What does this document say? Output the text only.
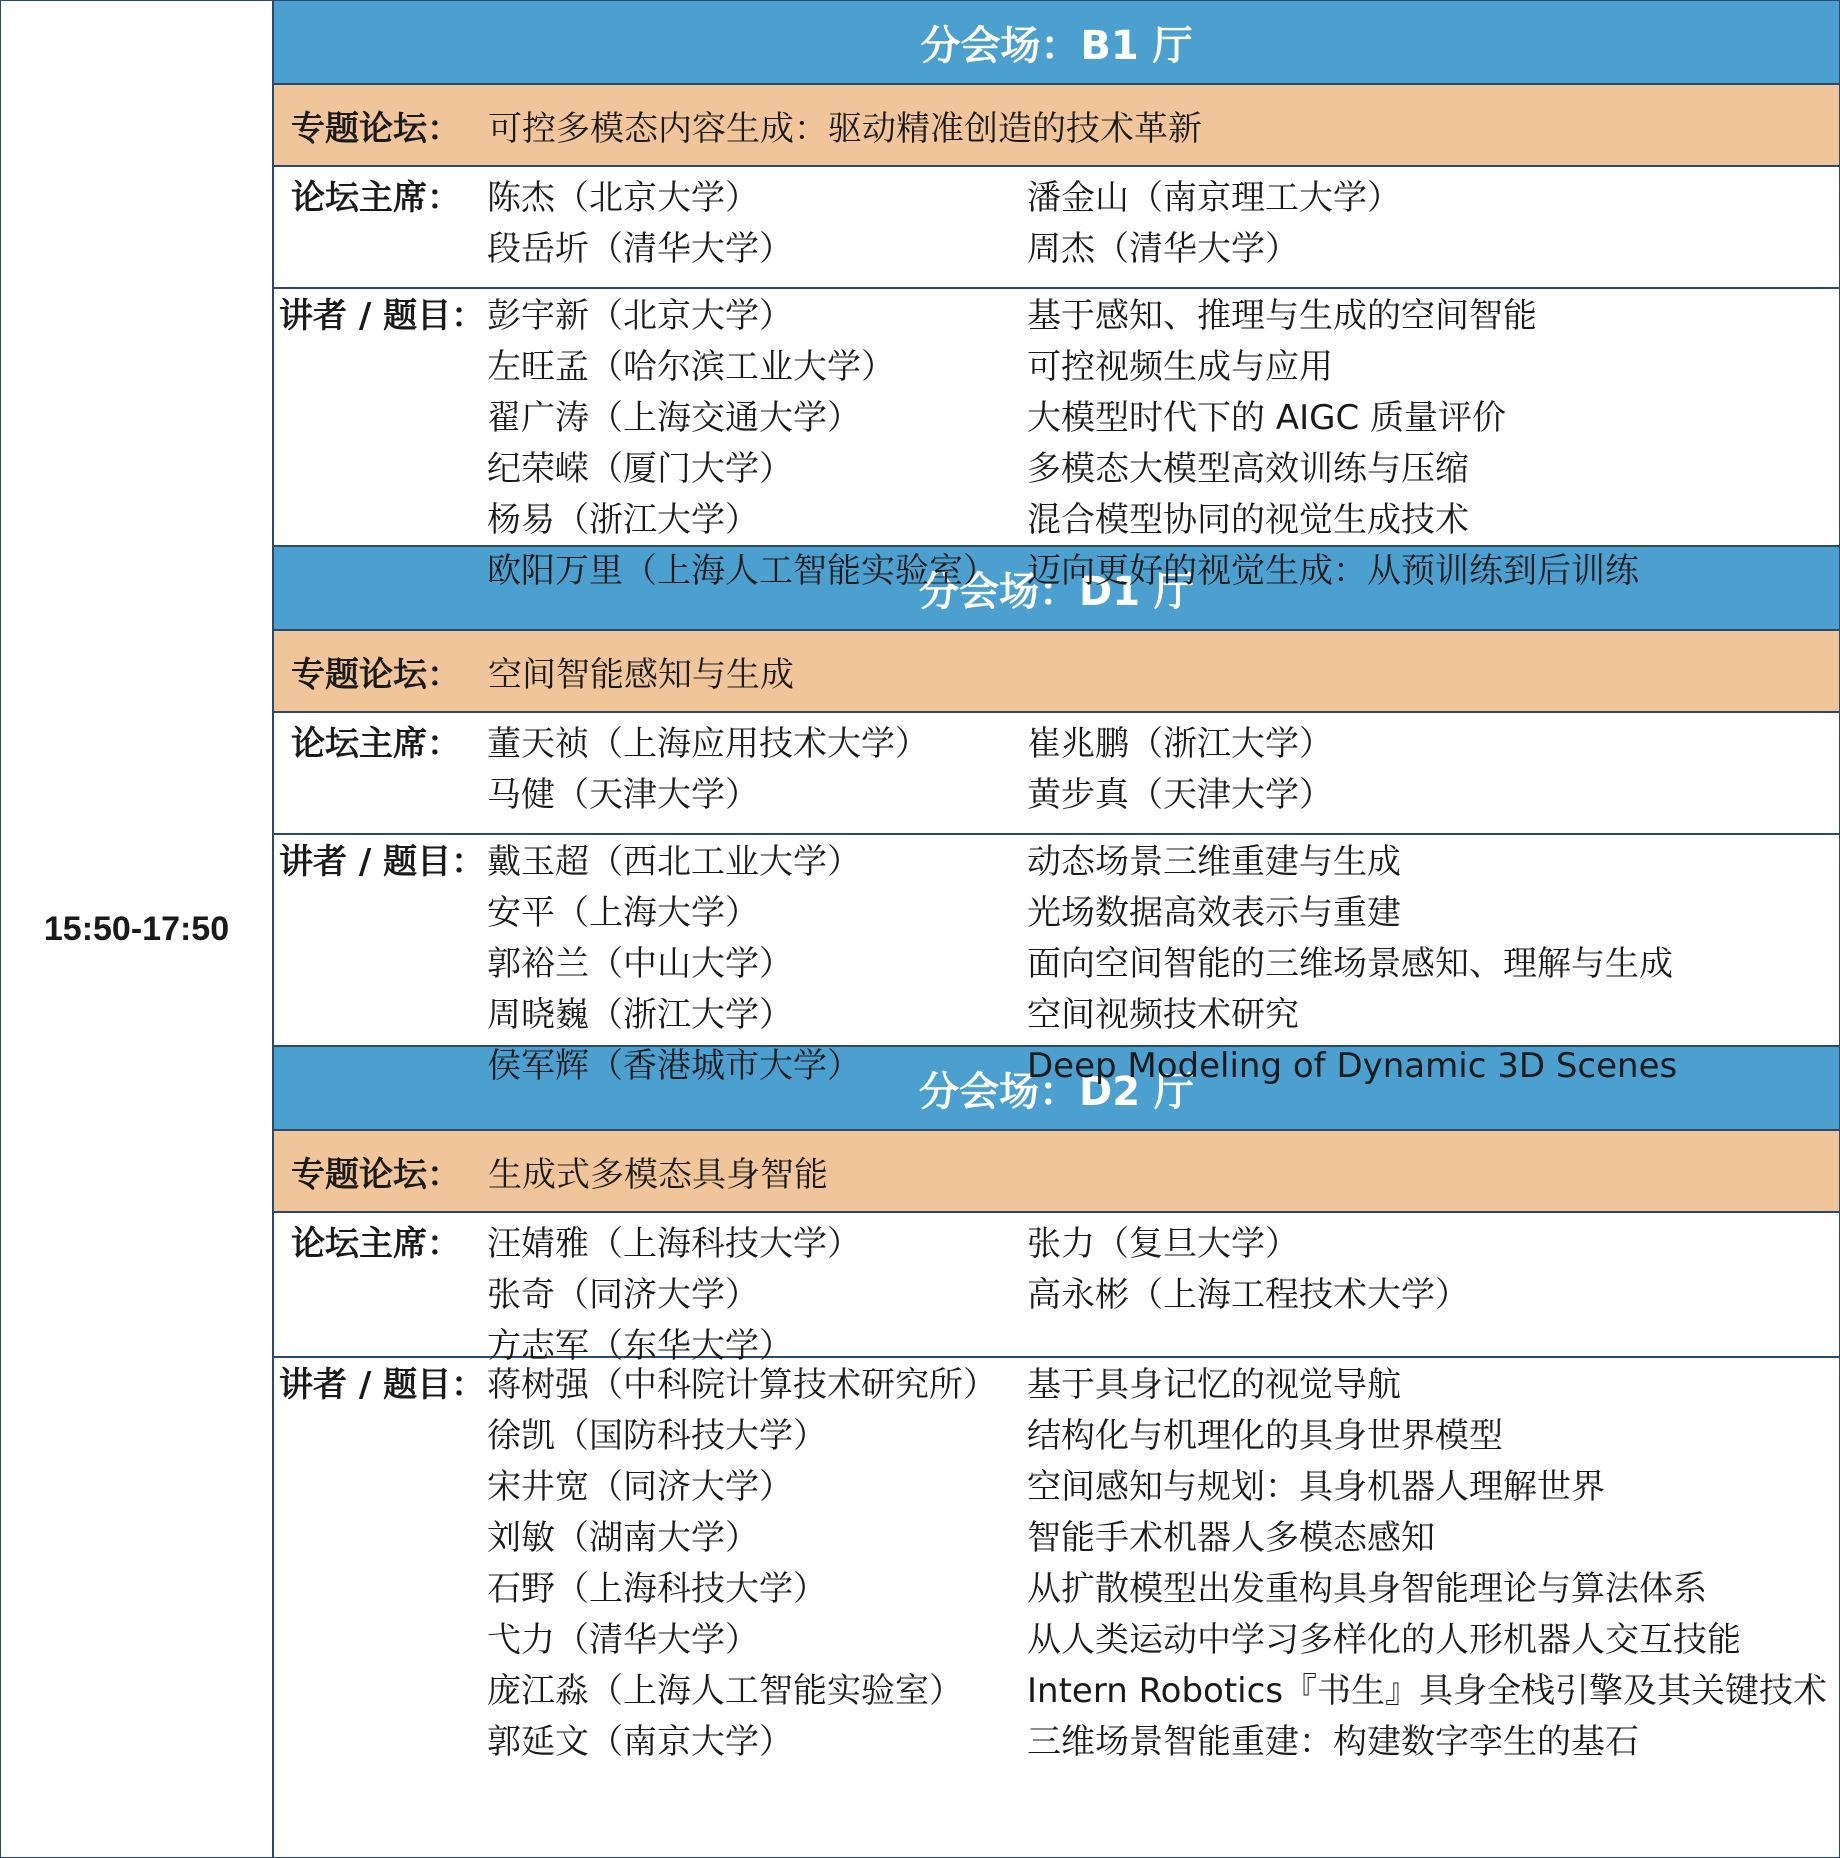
15:50-17:50
分会场：B1 厅
专题论坛： 可控多模态内容生成：驱动精准创造的技术革新
论坛主席： 陈杰（北京大学）	潘金山（南京理工大学）
段岳圻（清华大学）	周杰（清华大学）
讲者 / 题目： 彭宇新（北京大学）	基于感知、推理与生成的空间智能
左旺孟（哈尔滨工业大学）	可控视频生成与应用
翟广涛（上海交通大学）	大模型时代下的 AIGC 质量评价
纪荣嵘（厦门大学）	多模态大模型高效训练与压缩
杨易（浙江大学）	混合模型协同的视觉生成技术
欧阳万里（上海人工智能实验室） 迈向更好的视觉生成：从预训练到后训练
分会场：D1 厅
专题论坛： 空间智能感知与生成
论坛主席： 董天祯（上海应用技术大学）	崔兆鹏（浙江大学）
马健（天津大学）	黄步真（天津大学）
讲者 / 题目： 戴玉超（西北工业大学）	动态场景三维重建与生成
安平（上海大学）	光场数据高效表示与重建
郭裕兰（中山大学）	面向空间智能的三维场景感知、理解与生成
周晓巍（浙江大学）	空间视频技术研究
侯军辉（香港城市大学）	Deep Modeling of Dynamic 3D Scenes
分会场：D2 厅
专题论坛： 生成式多模态具身智能
论坛主席： 汪婧雅（上海科技大学）	张力（复旦大学）
张奇（同济大学）	高永彬（上海工程技术大学）
方志军（东华大学）
讲者 / 题目： 蒋树强（中科院计算技术研究所） 基于具身记忆的视觉导航
徐凯（国防科技大学）	结构化与机理化的具身世界模型
宋井宽（同济大学）	空间感知与规划：具身机器人理解世界
刘敏（湖南大学）	智能手术机器人多模态感知
石野（上海科技大学）	从扩散模型出发重构具身智能理论与算法体系
弋力（清华大学）	从人类运动中学习多样化的人形机器人交互技能
庞江淼（上海人工智能实验室）	Intern Robotics『书生』具身全栈引擎及其关键技术
郭延文（南京大学）	三维场景智能重建：构建数字孪生的基石
